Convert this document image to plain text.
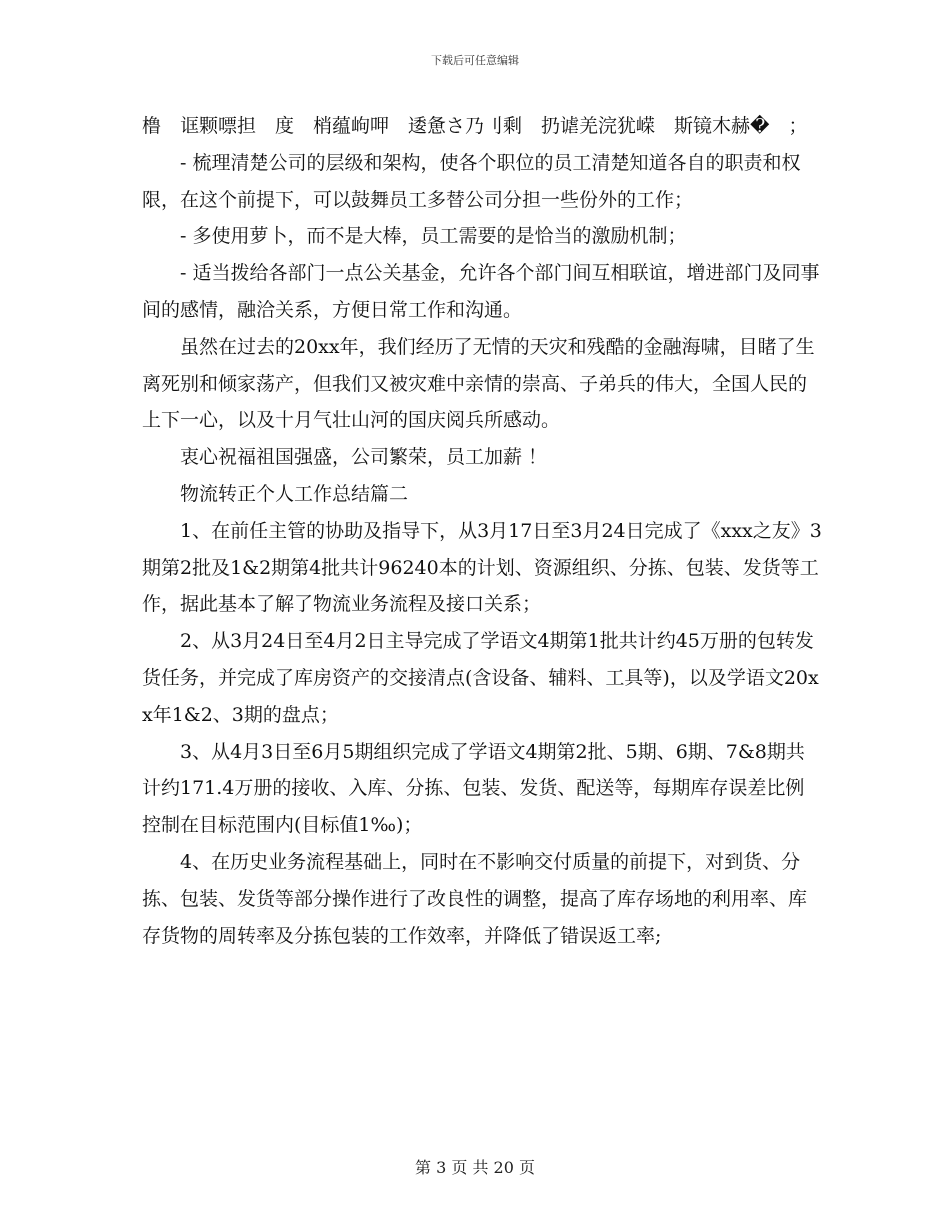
下载后可任意编辑

橹　诓颗嘌担　度　梢蕴岣呷　逶惫さ乃刂剩　扔谑羌浣犹嵘　斯镜木赫�　；

- 梳理清楚公司的层级和架构，使各个职位的员工清楚知道各自的职责和权限，在这个前提下，可以鼓舞员工多替公司分担一些份外的工作；

- 多使用萝卜，而不是大棒，员工需要的是恰当的激励机制；

- 适当拨给各部门一点公关基金，允许各个部门间互相联谊，增进部门及同事间的感情，融洽关系，方便日常工作和沟通。

虽然在过去的20xx年，我们经历了无情的天灾和残酷的金融海啸，目睹了生离死别和倾家荡产，但我们又被灾难中亲情的崇高、子弟兵的伟大，全国人民的上下一心，以及十月气壮山河的国庆阅兵所感动。

衷心祝福祖国强盛，公司繁荣，员工加薪 ！

物流转正个人工作总结篇二

1、在前任主管的协助及指导下，从3月17日至3月24日完成了《xxx之友》3期第2批及1&2期第4批共计96240本的计划、资源组织、分拣、包装、发货等工作，据此基本了解了物流业务流程及接口关系；

2、从3月24日至4月2日主导完成了学语文4期第1批共计约45万册的包转发货任务，并完成了库房资产的交接清点(含设备、辅料、工具等)，以及学语文20xx年1&2、3期的盘点；

3、从4月3日至6月5期组织完成了学语文4期第2批、5期、6期、7&8期共计约171.4万册的接收、入库、分拣、包装、发货、配送等，每期库存误差比例控制在目标范围内(目标值1‰)；

4、在历史业务流程基础上，同时在不影响交付质量的前提下，对到货、分拣、包装、发货等部分操作进行了改良性的调整，提高了库存场地的利用率、库存货物的周转率及分拣包装的工作效率，并降低了错误返工率;

第 3 页 共 20 页
